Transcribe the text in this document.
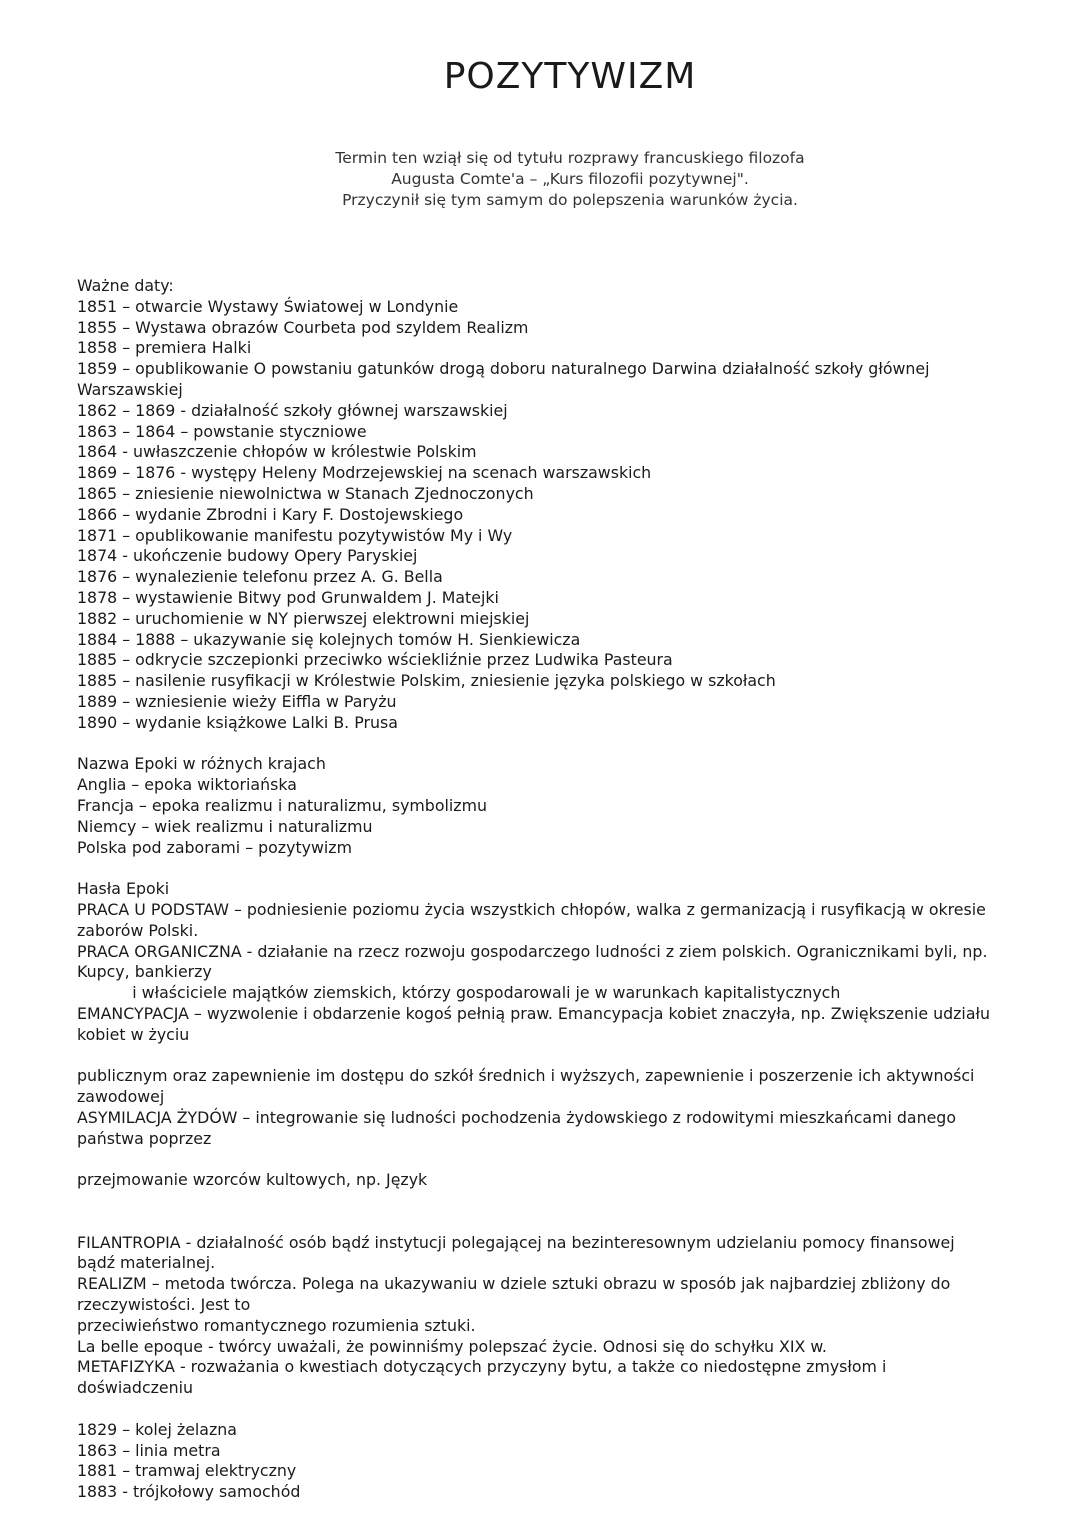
POZYTYWIZM
Termin ten wziął się od tytułu rozprawy francuskiego filozofa
Augusta Comte'a – „Kurs filozofii pozytywnej".
Przyczynił się tym samym do polepszenia warunków życia.
Ważne daty:
1851 – otwarcie Wystawy Światowej w Londynie
1855 – Wystawa obrazów Courbeta pod szyldem Realizm
1858 – premiera Halki
1859 – opublikowanie O powstaniu gatunków drogą doboru naturalnego Darwina działalność szkoły głównej
Warszawskiej
1862 – 1869 - działalność szkoły głównej warszawskiej
1863 – 1864 – powstanie styczniowe
1864 - uwłaszczenie chłopów w królestwie Polskim
1869 – 1876 - występy Heleny Modrzejewskiej na scenach warszawskich
1865 – zniesienie niewolnictwa w Stanach Zjednoczonych
1866 – wydanie Zbrodni i Kary F. Dostojewskiego
1871 – opublikowanie manifestu pozytywistów My i Wy
1874 - ukończenie budowy Opery Paryskiej
1876 – wynalezienie telefonu przez A. G. Bella
1878 – wystawienie Bitwy pod Grunwaldem J. Matejki
1882 – uruchomienie w NY pierwszej elektrowni miejskiej
1884 – 1888 – ukazywanie się kolejnych tomów H. Sienkiewicza
1885 – odkrycie szczepionki przeciwko wściekliźnie przez Ludwika Pasteura
1885 – nasilenie rusyfikacji w Królestwie Polskim, zniesienie języka polskiego w szkołach
1889 – wzniesienie wieży Eiffla w Paryżu
1890 – wydanie książkowe Lalki B. Prusa
Nazwa Epoki w różnych krajach
Anglia – epoka wiktoriańska
Francja – epoka realizmu i naturalizmu, symbolizmu
Niemcy – wiek realizmu i naturalizmu
Polska pod zaborami – pozytywizm
Hasła Epoki
PRACA U PODSTAW – podniesienie poziomu życia wszystkich chłopów, walka z germanizacją i rusyfikacją w okresie
zaborów Polski.
PRACA ORGANICZNA - działanie na rzecz rozwoju gospodarczego ludności z ziem polskich. Ogranicznikami byli, np.
Kupcy, bankierzy
i właściciele majątków ziemskich, którzy gospodarowali je w warunkach kapitalistycznych
EMANCYPACJA – wyzwolenie i obdarzenie kogoś pełnią praw. Emancypacja kobiet znaczyła, np. Zwiększenie udziału
kobiet w życiu
publicznym oraz zapewnienie im dostępu do szkół średnich i wyższych, zapewnienie i poszerzenie ich aktywności
zawodowej
ASYMILACJA ŻYDÓW – integrowanie się ludności pochodzenia żydowskiego z rodowitymi mieszkańcami danego
państwa poprzez
przejmowanie wzorców kultowych, np. Język
FILANTROPIA - działalność osób bądź instytucji polegającej na bezinteresownym udzielaniu pomocy finansowej
bądź materialnej.
REALIZM – metoda twórcza. Polega na ukazywaniu w dziele sztuki obrazu w sposób jak najbardziej zbliżony do
rzeczywistości. Jest to
przeciwieństwo romantycznego rozumienia sztuki.
La belle epoque - twórcy uważali, że powinniśmy polepszać życie. Odnosi się do schyłku XIX w.
METAFIZYKA - rozważania o kwestiach dotyczących przyczyny bytu, a także co niedostępne zmysłom i
doświadczeniu
1829 – kolej żelazna
1863 – linia metra
1881 – tramwaj elektryczny
1883 - trójkołowy samochód
